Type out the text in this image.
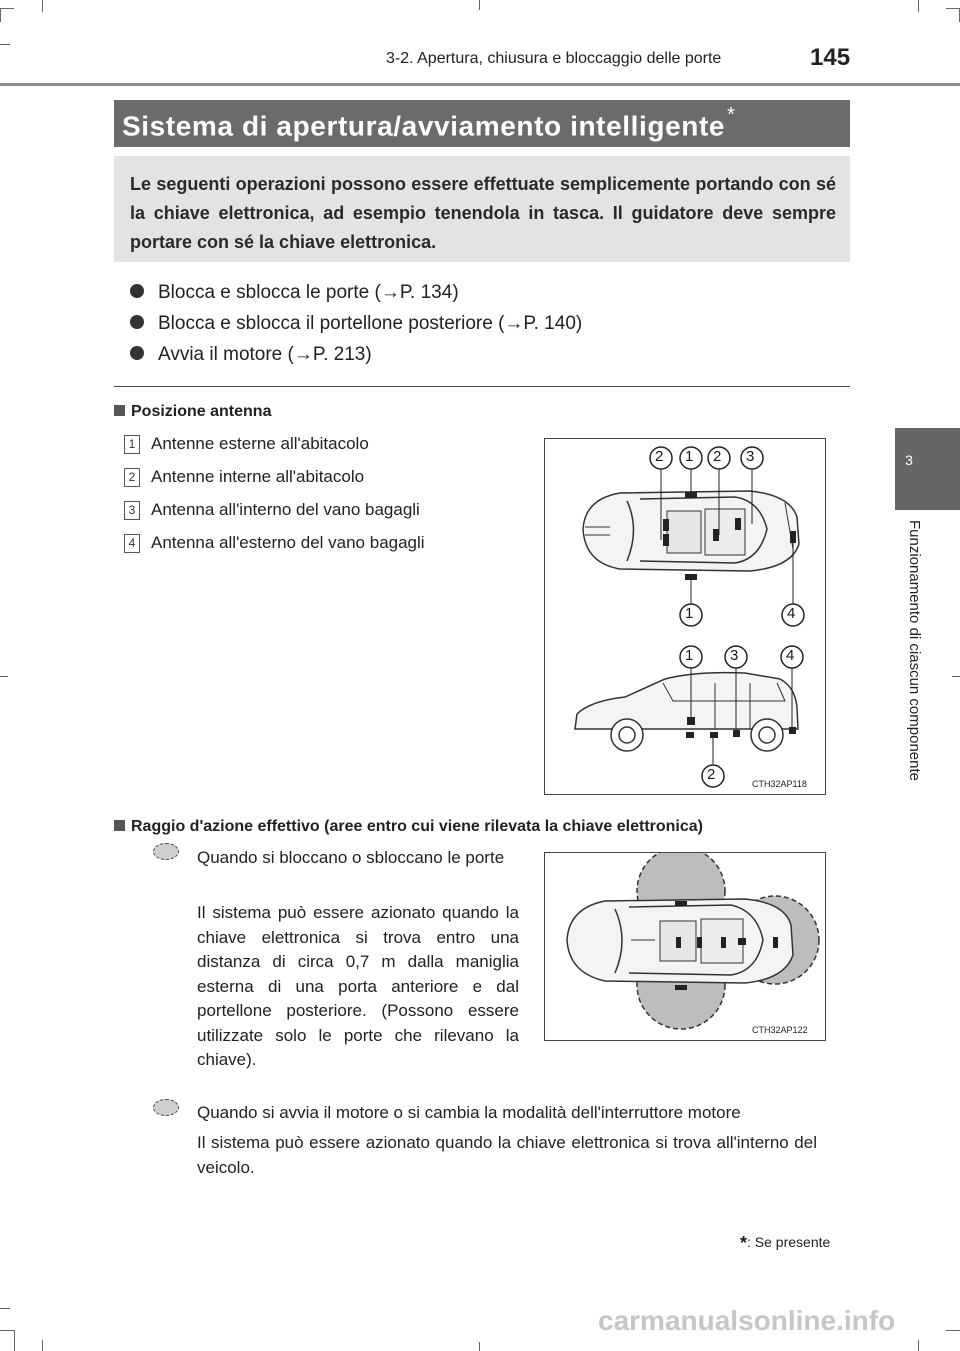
3-2. Apertura, chiusura e bloccaggio delle porte	145
3
Funzionamento di ciascun componente
Sistema di apertura/avviamento intelligente *
Le seguenti operazioni possono essere effettuate semplicemente portando con sé la chiave elettronica, ad esempio tenendola in tasca. Il guidatore deve sempre portare con sé la chiave elettronica.
Blocca e sblocca le porte (→P. 134)
Blocca e sblocca il portellone posteriore (→P. 140)
Avvia il motore (→P. 213)
Posizione antenna
1 Antenne esterne all'abitacolo
2 Antenne interne all'abitacolo
3 Antenna all'interno del vano bagagli
4 Antenna all'esterno del vano bagagli
2 1 2 3
1	4
1 3	4
2
CTH32AP118
Raggio d'azione effettivo (aree entro cui viene rilevata la chiave elettronica)
Quando si bloccano o sbloccano le porte
Il sistema può essere azionato quando la chiave elettronica si trova entro una distanza di circa 0,7 m dalla maniglia esterna di una porta anteriore e dal portellone posteriore. (Possono essere utilizzate solo le porte che rilevano la chiave).
CTH32AP122
Quando si avvia il motore o si cambia la modalità dell'interruttore motore
Il sistema può essere azionato quando la chiave elettronica si trova all'interno del veicolo.
*: Se presente
carmanualsonline.info
